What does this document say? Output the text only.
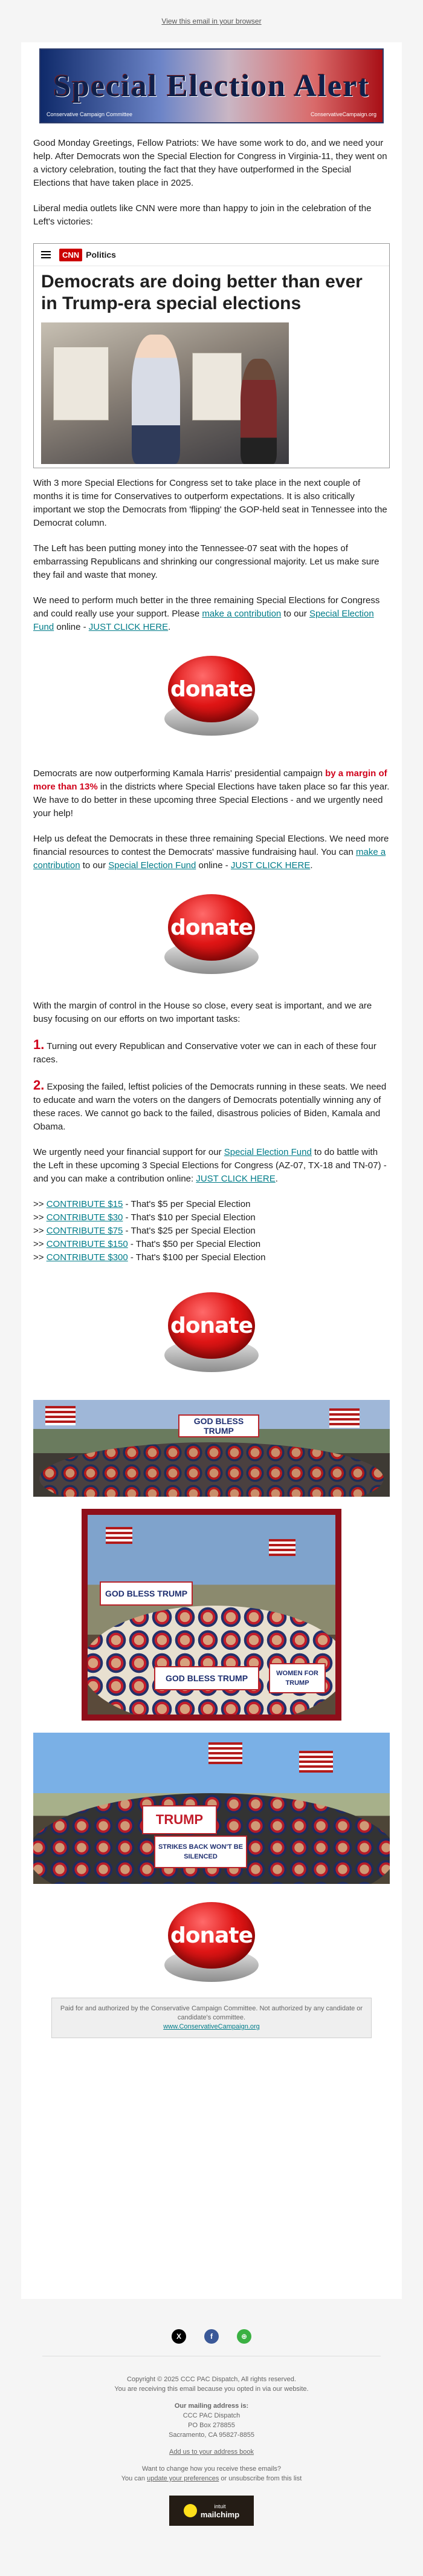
View this email in your browser
Special Election Alert
Conservative Campaign Committee	ConservativeCampaign.org

Good Monday Greetings, Fellow Patriots: We have some work to do, and we need your help. After Democrats won the Special Election for Congress in Virginia-11, they went on a victory celebration, touting the fact that they have outperformed in the Special Elections that have taken place in 2025.

Liberal media outlets like CNN were more than happy to join in the celebration of the Left's victories:

CNN Politics
Democrats are doing better than ever in Trump-era special elections

With 3 more Special Elections for Congress set to take place in the next couple of months it is time for Conservatives to outperform expectations. It is also critically important we stop the Democrats from 'flipping' the GOP-held seat in Tennessee into the Democrat column.

The Left has been putting money into the Tennessee-07 seat with the hopes of embarrassing Republicans and shrinking our congressional majority. Let us make sure they fail and waste that money.

We need to perform much better in the three remaining Special Elections for Congress and could really use your support. Please make a contribution to our Special Election Fund online - JUST CLICK HERE.

donate

Democrats are now outperforming Kamala Harris' presidential campaign by a margin of more than 13% in the districts where Special Elections have taken place so far this year. We have to do better in these upcoming three Special Elections - and we urgently need your help!

Help us defeat the Democrats in these three remaining Special Elections. We need more financial resources to contest the Democrats' massive fundraising haul. You can make a contribution to our Special Election Fund online - JUST CLICK HERE.

donate

With the margin of control in the House so close, every seat is important, and we are busy focusing on our efforts on two important tasks:

1. Turning out every Republican and Conservative voter we can in each of these four races.

2. Exposing the failed, leftist policies of the Democrats running in these seats. We need to educate and warn the voters on the dangers of Democrats potentially winning any of these races. We cannot go back to the failed, disastrous policies of Biden, Kamala and Obama.

We urgently need your financial support for our Special Election Fund to do battle with the Left in these upcoming 3 Special Elections for Congress (AZ-07, TX-18 and TN-07) - and you can make a contribution online: JUST CLICK HERE.

>> CONTRIBUTE $15 - That's $5 per Special Election

>> CONTRIBUTE $30 - That's $10 per Special Election

>> CONTRIBUTE $75 - That's $25 per Special Election

>> CONTRIBUTE $150 - That's $50 per Special Election

>> CONTRIBUTE $300 - That's $100 per Special Election

donate
GOD BLESS TRUMP
GOD BLESS TRUMP
GOD BLESS TRUMP	WOMEN FOR TRUMP
TRUMP
STRIKES BACK WON'T BE SILENCED
donate
Paid for and authorized by the Conservative Campaign Committee. Not authorized by any candidate or candidate's committee.
www.ConservativeCampaign.org
X	f	⊕
Copyright © 2025 CCC PAC Dispatch, All rights reserved.
You are receiving this email because you opted in via our website.
Our mailing address is:
CCC PAC Dispatch
PO Box 278855
Sacramento, CA 95827-8855
Add us to your address book
Want to change how you receive these emails?
You can update your preferences or unsubscribe from this list
intuit
mailchimp
